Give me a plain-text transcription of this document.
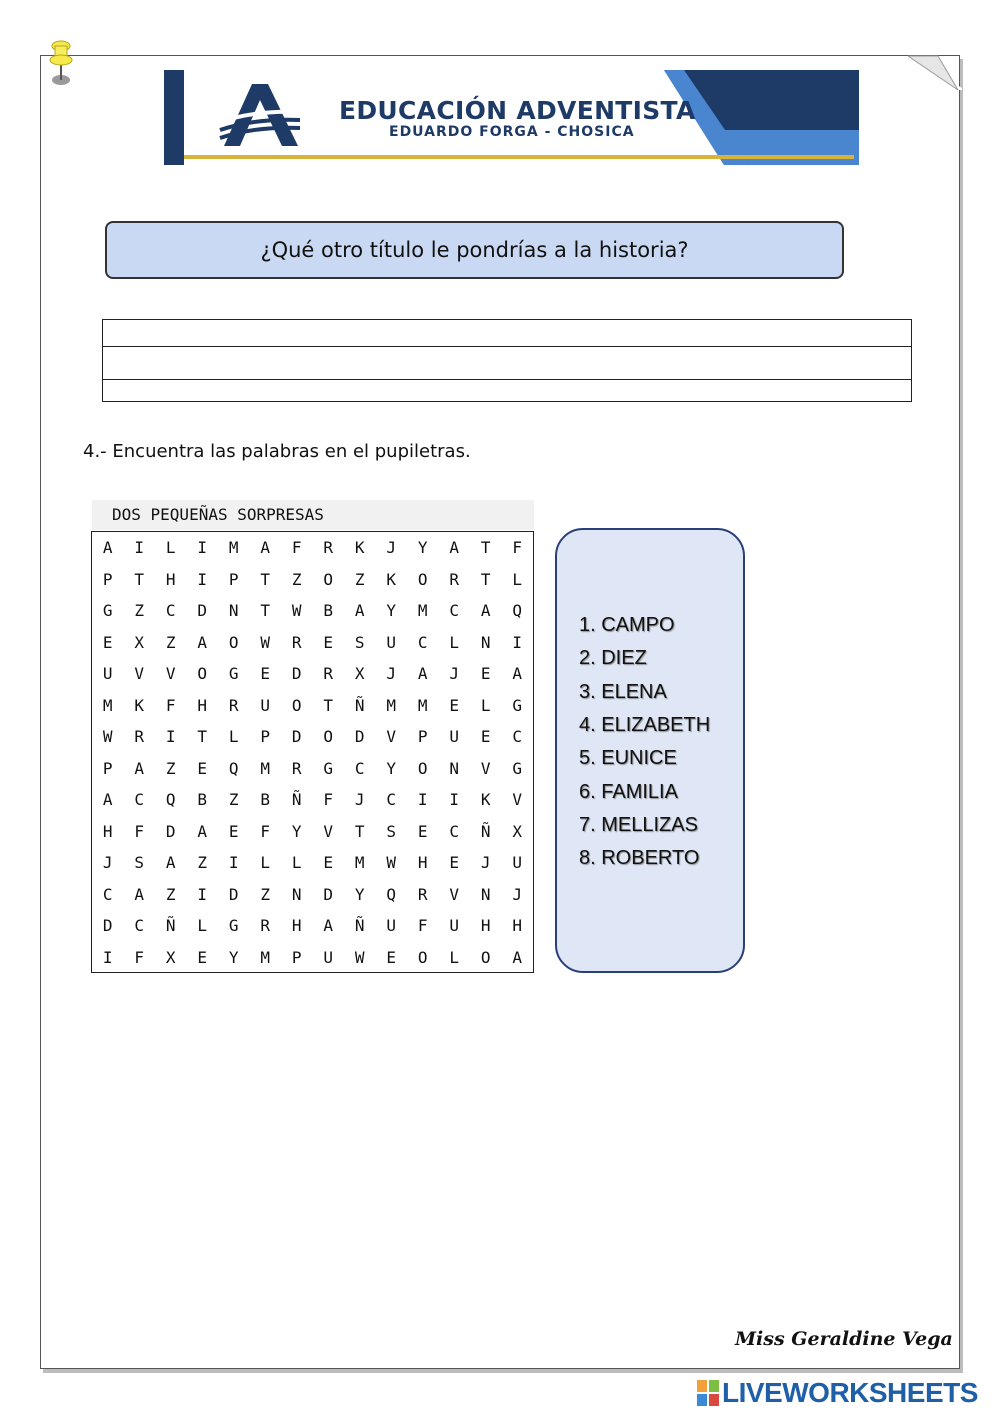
EDUCACIÓN ADVENTISTA
EDUARDO FORGA - CHOSICA
¿Qué otro título le pondrías a la historia?
4.- Encuentra las palabras en el pupiletras.
DOS PEQUEÑAS SORPRESAS
A	I	L	I	M	A	F	R	K	J	Y	A	T	F
P	T	H	I	P	T	Z	O	Z	K	O	R	T	L
G	Z	C	D	N	T	W	B	A	Y	M	C	A	Q
E	X	Z	A	O	W	R	E	S	U	C	L	N	I
U	V	V	O	G	E	D	R	X	J	A	J	E	A
M	K	F	H	R	U	O	T	Ñ	M	M	E	L	G
W	R	I	T	L	P	D	O	D	V	P	U	E	C
P	A	Z	E	Q	M	R	G	C	Y	O	N	V	G
A	C	Q	B	Z	B	Ñ	F	J	C	I	I	K	V
H	F	D	A	E	F	Y	V	T	S	E	C	Ñ	X
J	S	A	Z	I	L	L	E	M	W	H	E	J	U
C	A	Z	I	D	Z	N	D	Y	Q	R	V	N	J
D	C	Ñ	L	G	R	H	A	Ñ	U	F	U	H	H
I	F	X	E	Y	M	P	U	W	E	O	L	O	A
1. CAMPO
2. DIEZ
3. ELENA
4. ELIZABETH
5. EUNICE
6. FAMILIA
7. MELLIZAS
8. ROBERTO
Miss Geraldine Vega
LIVEWORKSHEETS
